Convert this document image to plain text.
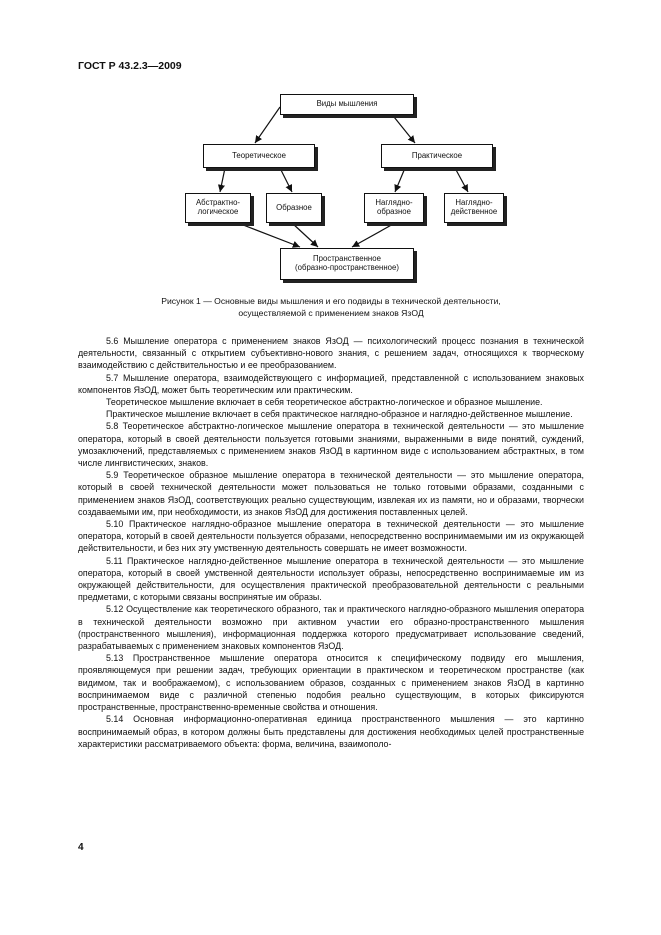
ГОСТ Р 43.2.3—2009
Виды мышления
Теоретическое	Практическое
Абстрактно-
логическое	Образное	Наглядно-
образное
Наглядно-
действенное
Пространственное
(образно-пространственное)
Рисунок 1 — Основные виды мышления и его подвиды в технической деятельности,
осуществляемой с применением знаков ЯзОД

5.6 Мышление оператора с применением знаков ЯзОД — психологический процесс познания в технической деятельности, связанный с открытием субъективно-нового знания, с решением задач, относящихся к творческому взаимодействию с действительностью и ее преобразованием.

5.7 Мышление оператора, взаимодействующего с информацией, представленной с использованием знаковых компонентов ЯзОД, может быть теоретическим или практическим.

Теоретическое мышление включает в себя теоретическое абстрактно-логическое и образное мышление.

Практическое мышление включает в себя практическое наглядно-образное и наглядно-действенное мышление.

5.8 Теоретическое абстрактно-логическое мышление оператора в технической деятельности — это мышление оператора, который в своей деятельности пользуется готовыми знаниями, выраженными в виде понятий, суждений, умозаключений, представляемых с применением знаков ЯзОД в картинном виде с использованием абстрактных, в том числе лингвистических, знаков.

5.9 Теоретическое образное мышление оператора в технической деятельности — это мышление оператора, который в своей технической деятельности может пользоваться не только готовыми образами, созданными с применением знаков ЯзОД, соответствующих реально существующим, извлекая их из памяти, но и образами, творчески создаваемыми им, при необходимости, из знаков ЯзОД для достижения поставленных целей.

5.10 Практическое наглядно-образное мышление оператора в технической деятельности — это мышление оператора, который в своей деятельности пользуется образами, непосредственно воспринимаемыми им из окружающей действительности, и без них эту умственную деятельность совершать не имеет возможности.

5.11 Практическое наглядно-действенное мышление оператора в технической деятельности — это мышление оператора, который в своей умственной деятельности использует образы, непосредственно воспринимаемые им из окружающей действительности, для осуществления практической преобразовательной деятельности с реальными предметами, с которыми связаны воспринятые им образы.

5.12 Осуществление как теоретического образного, так и практического наглядно-образного мышления оператора в технической деятельности возможно при активном участии его образно-пространственного мышления (пространственного мышления), информационная поддержка которого предусматривает использование сведений, разрабатываемых с применением знаковых компонентов ЯзОД.

5.13 Пространственное мышление оператора относится к специфическому подвиду его мышления, проявляющемуся при решении задач, требующих ориентации в практическом и теоретическом пространстве (как видимом, так и воображаемом), с использованием образов, созданных с применением знаков ЯзОД в картинно воспринимаемом виде с различной степенью подобия реально существующим, в которых фиксируются пространственные, пространственно-временные свойства и отношения.

5.14 Основная информационно-оперативная единица пространственного мышления — это картинно воспринимаемый образ, в котором должны быть представлены для достижения необходимых целей пространственные характеристики рассматриваемого объекта: форма, величина, взаимополо-

4
